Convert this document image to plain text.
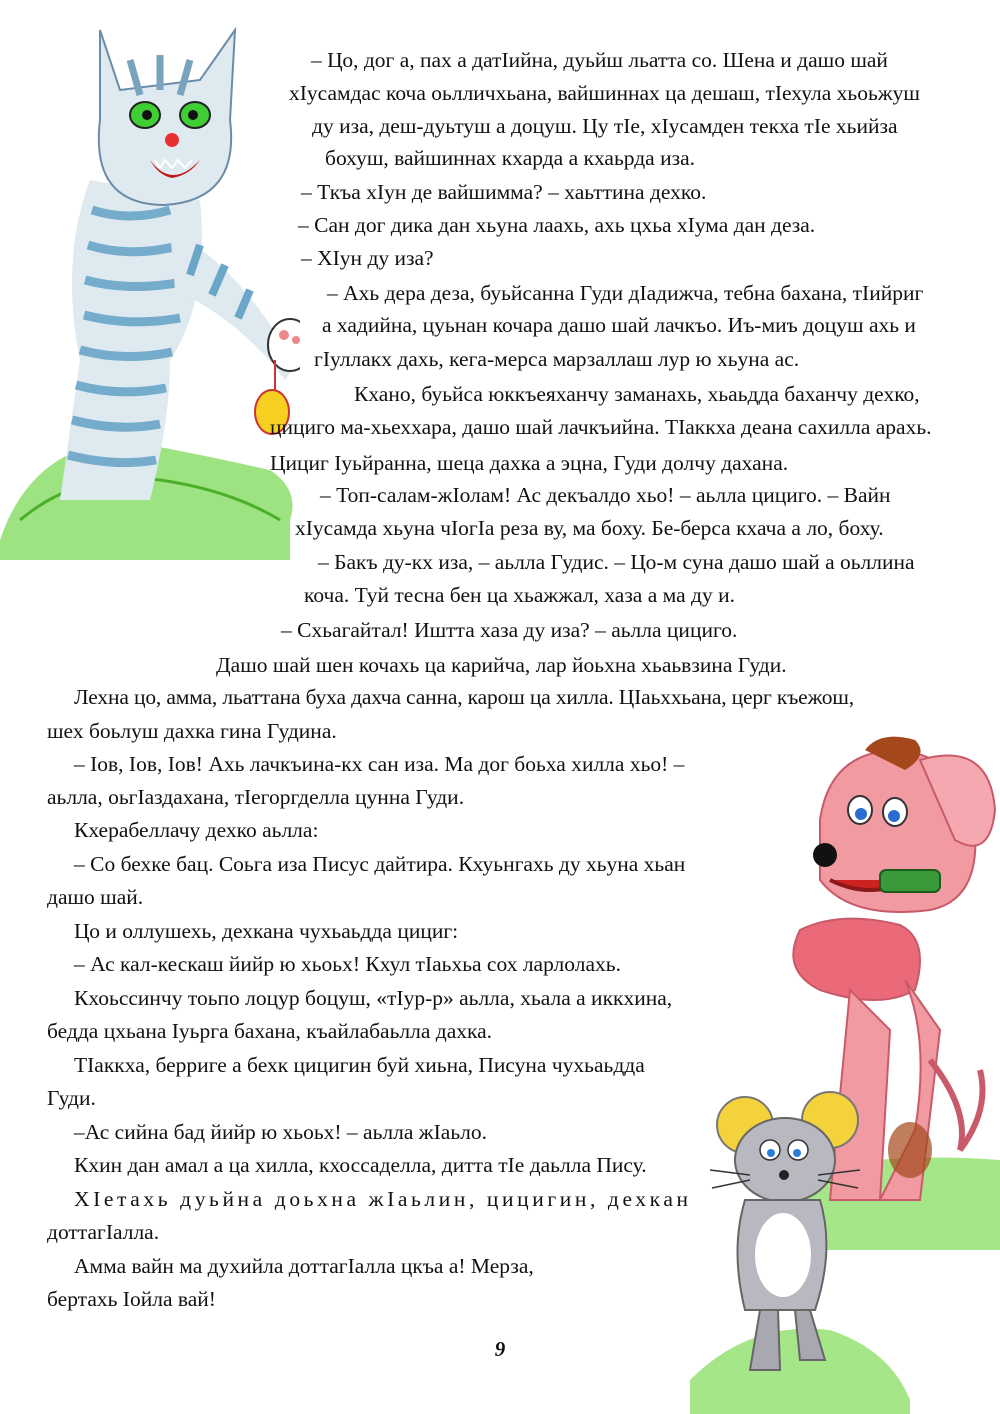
– Цо, дог а, пах а датIийна, дуьйш льаттa со. Шена и дашо шай
хIусамдас коча оьлличхьана, вайшиннах ца дешаш, тIехула хьоьжуш
ду иза, деш-дуьтуш а доцуш. Цу тIе, хIусамден текха тIе хьийза
бохуш, вайшиннах кхарда а кхаьрда иза.
– Ткъа хIун де вайшимма? – хаьттина дехко.
– Сан дог дика дан хьуна лаахь, ахь цхьа хIума дан деза.
– ХIун ду иза?
– Ахь дера деза, буьйсанна Гуди дIадижча, тебна бахана, тIийриг
а хадийна, цуьнан кочара дашо шай лачкъо. Иъ-миъ доцуш ахь и
гIуллакх дахь, кега-мерса марзаллаш лур ю хьуна ас.
Кхано, буьйса юккъеяханчу заманахь, хьаьдда баханчу дехко,
цициго ма-хьеххара, дашо шай лачкъийна. ТIаккха деана сахилла арахь.
Цициг Iуьйранна, шеца дахка а эцна, Гуди долчу дахана.
– Топ-салам-жIолам! Ас декъалдо хьо! – аьлла цициго. – Вайн
хIусамда хьуна чIогIа реза ву, ма боху. Бе-берса кхача а ло, боху.
– Бакъ ду-кх иза, – аьлла Гудис. – Цо-м суна дашо шай а оьллина
коча. Туй тесна бен ца хьажжал, хаза а ма ду и.
– Схьагайтал! Иштта хаза ду иза? – аьлла цициго.
Дашо шай шен кочахь ца карийча, лар йоьхна хьаьвзина Гуди.
Лехна цо, амма, льаттана буха дахча санна, карош ца хилла. ЦIаьххьана, церг къежош,
шех боьлуш дахка гина Гудина.
– Iов, Iов, Iов! Ахь лачкъина-кх сан иза. Ма дог боьха хилла хьо! –
аьлла, оьгIаздахана, тIегоргделла цунна Гуди.
Кхерабеллачу дехко аьлла:
– Со бехке бац. Соьга иза Писус дайтира. Кхуьнгахь ду хьуна хьан
дашо шай.
Цо и оллушехь, дехкана чухьаьдда цициг:
– Ас кал-кескаш йийр ю хьоьх! Кхул тIаьхьа сох ларлолахь.
Кхоьссинчу тоьпо лоцур боцуш, «тIур-р» аьлла, хьала а иккхина,
бедда цхьана Iуьрга бахана, къайлабаьлла дахка.
ТIаккха, берриге а бехк цицигин буй хиьна, Писуна чухьаьдда
Гуди.
–Ас сийна бад йийр ю хьоьх! – аьлла жIаьло.
Кхин дан амал а ца хилла, кхоссаделла, дитта тIе даьлла Пису.
ХIетахь дуьйна доьхна жIаьлин, цицигин, дехкан
доттагIалла.
Амма вайн ма духийла доттагIалла цкъа а! Мерза,
бертахь Iойла вай!
9
